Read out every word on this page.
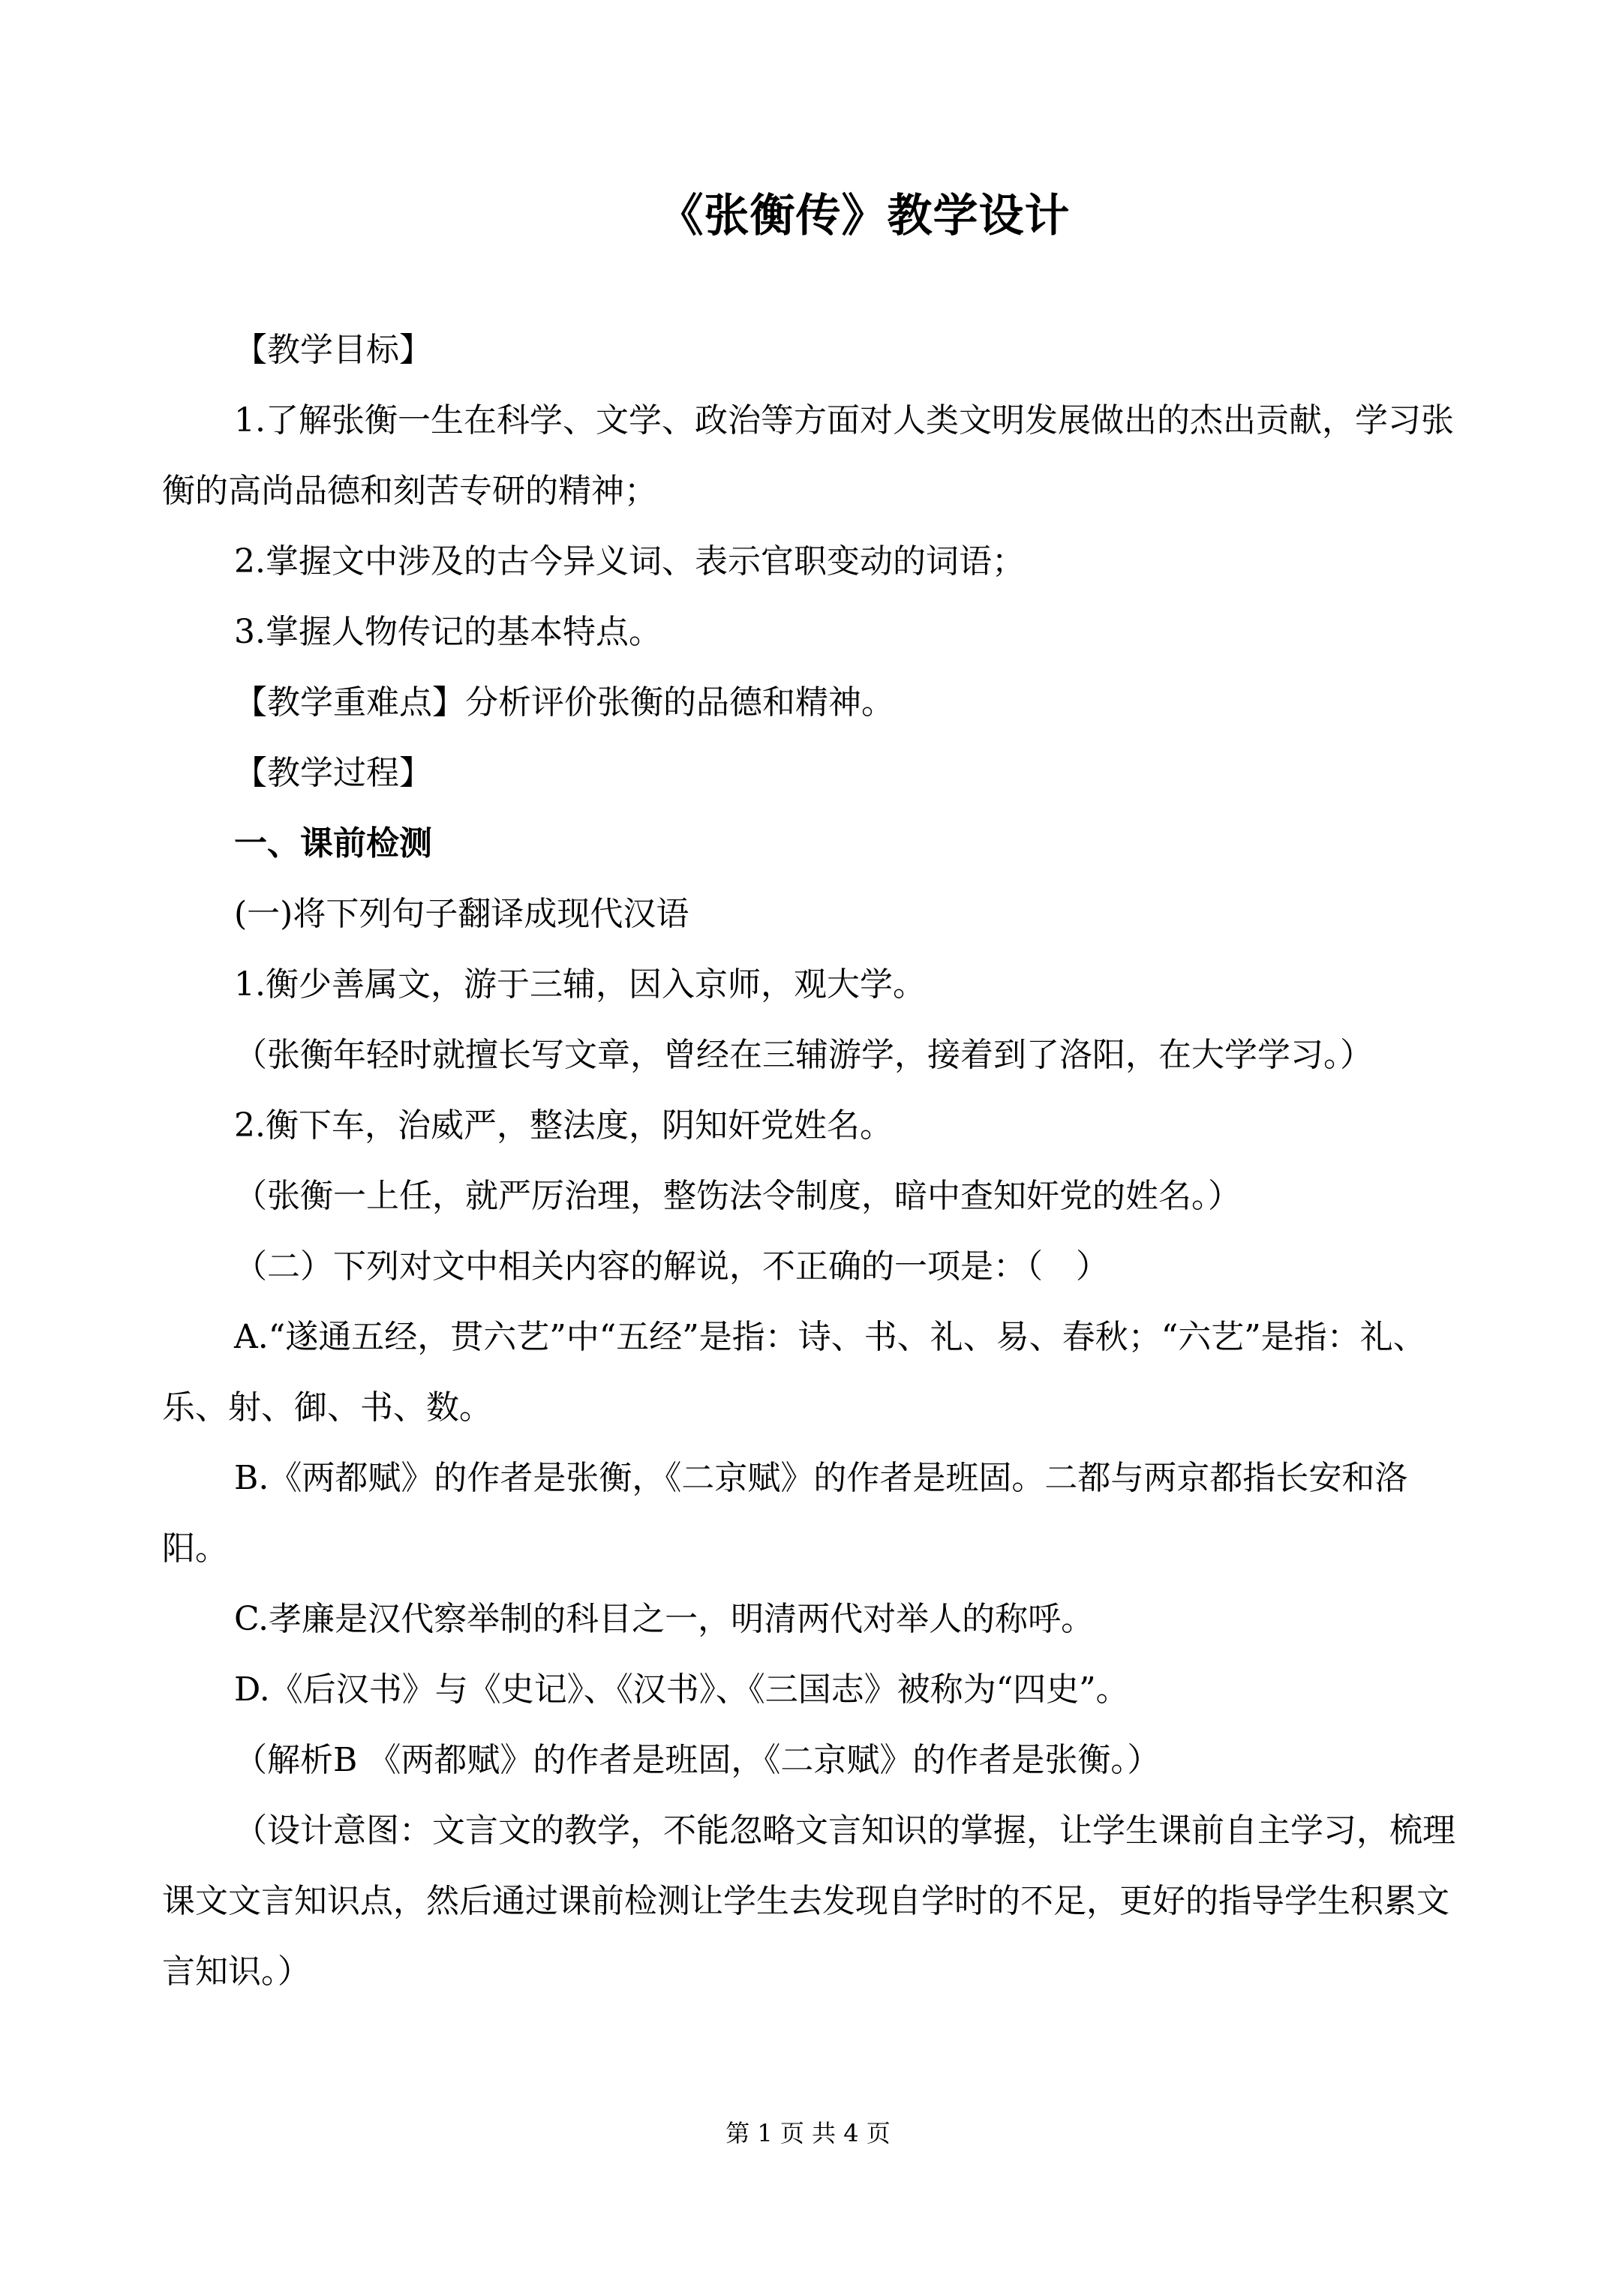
《张衡传》教学设计

【教学目标】

1.了解张衡一生在科学、文学、政治等方面对人类文明发展做出的杰出贡献，学习张衡的高尚品德和刻苦专研的精神；

2.掌握文中涉及的古今异义词、表示官职变动的词语；

3.掌握人物传记的基本特点。

【教学重难点】分析评价张衡的品德和精神。

【教学过程】

一、课前检测

(一)将下列句子翻译成现代汉语

1.衡少善属文，游于三辅，因入京师，观大学。

（张衡年轻时就擅长写文章，曾经在三辅游学，接着到了洛阳，在大学学习。）

2.衡下车，治威严，整法度，阴知奸党姓名。

（张衡一上任，就严厉治理，整饬法令制度，暗中查知奸党的姓名。）

（二）下列对文中相关内容的解说，不正确的一项是：（　）

A.“遂通五经，贯六艺”中“五经”是指：诗、书、礼、易、春秋；“六艺”是指：礼、乐、射、御、书、数。

B.《两都赋》的作者是张衡，《二京赋》的作者是班固。二都与两京都指长安和洛阳。

C.孝廉是汉代察举制的科目之一，明清两代对举人的称呼。

D.《后汉书》与《史记》、《汉书》、《三国志》被称为“四史”。

（解析B 《两都赋》的作者是班固，《二京赋》的作者是张衡。）

（设计意图：文言文的教学，不能忽略文言知识的掌握，让学生课前自主学习，梳理课文文言知识点，然后通过课前检测让学生去发现自学时的不足，更好的指导学生积累文言知识。）

第 1 页 共 4 页
